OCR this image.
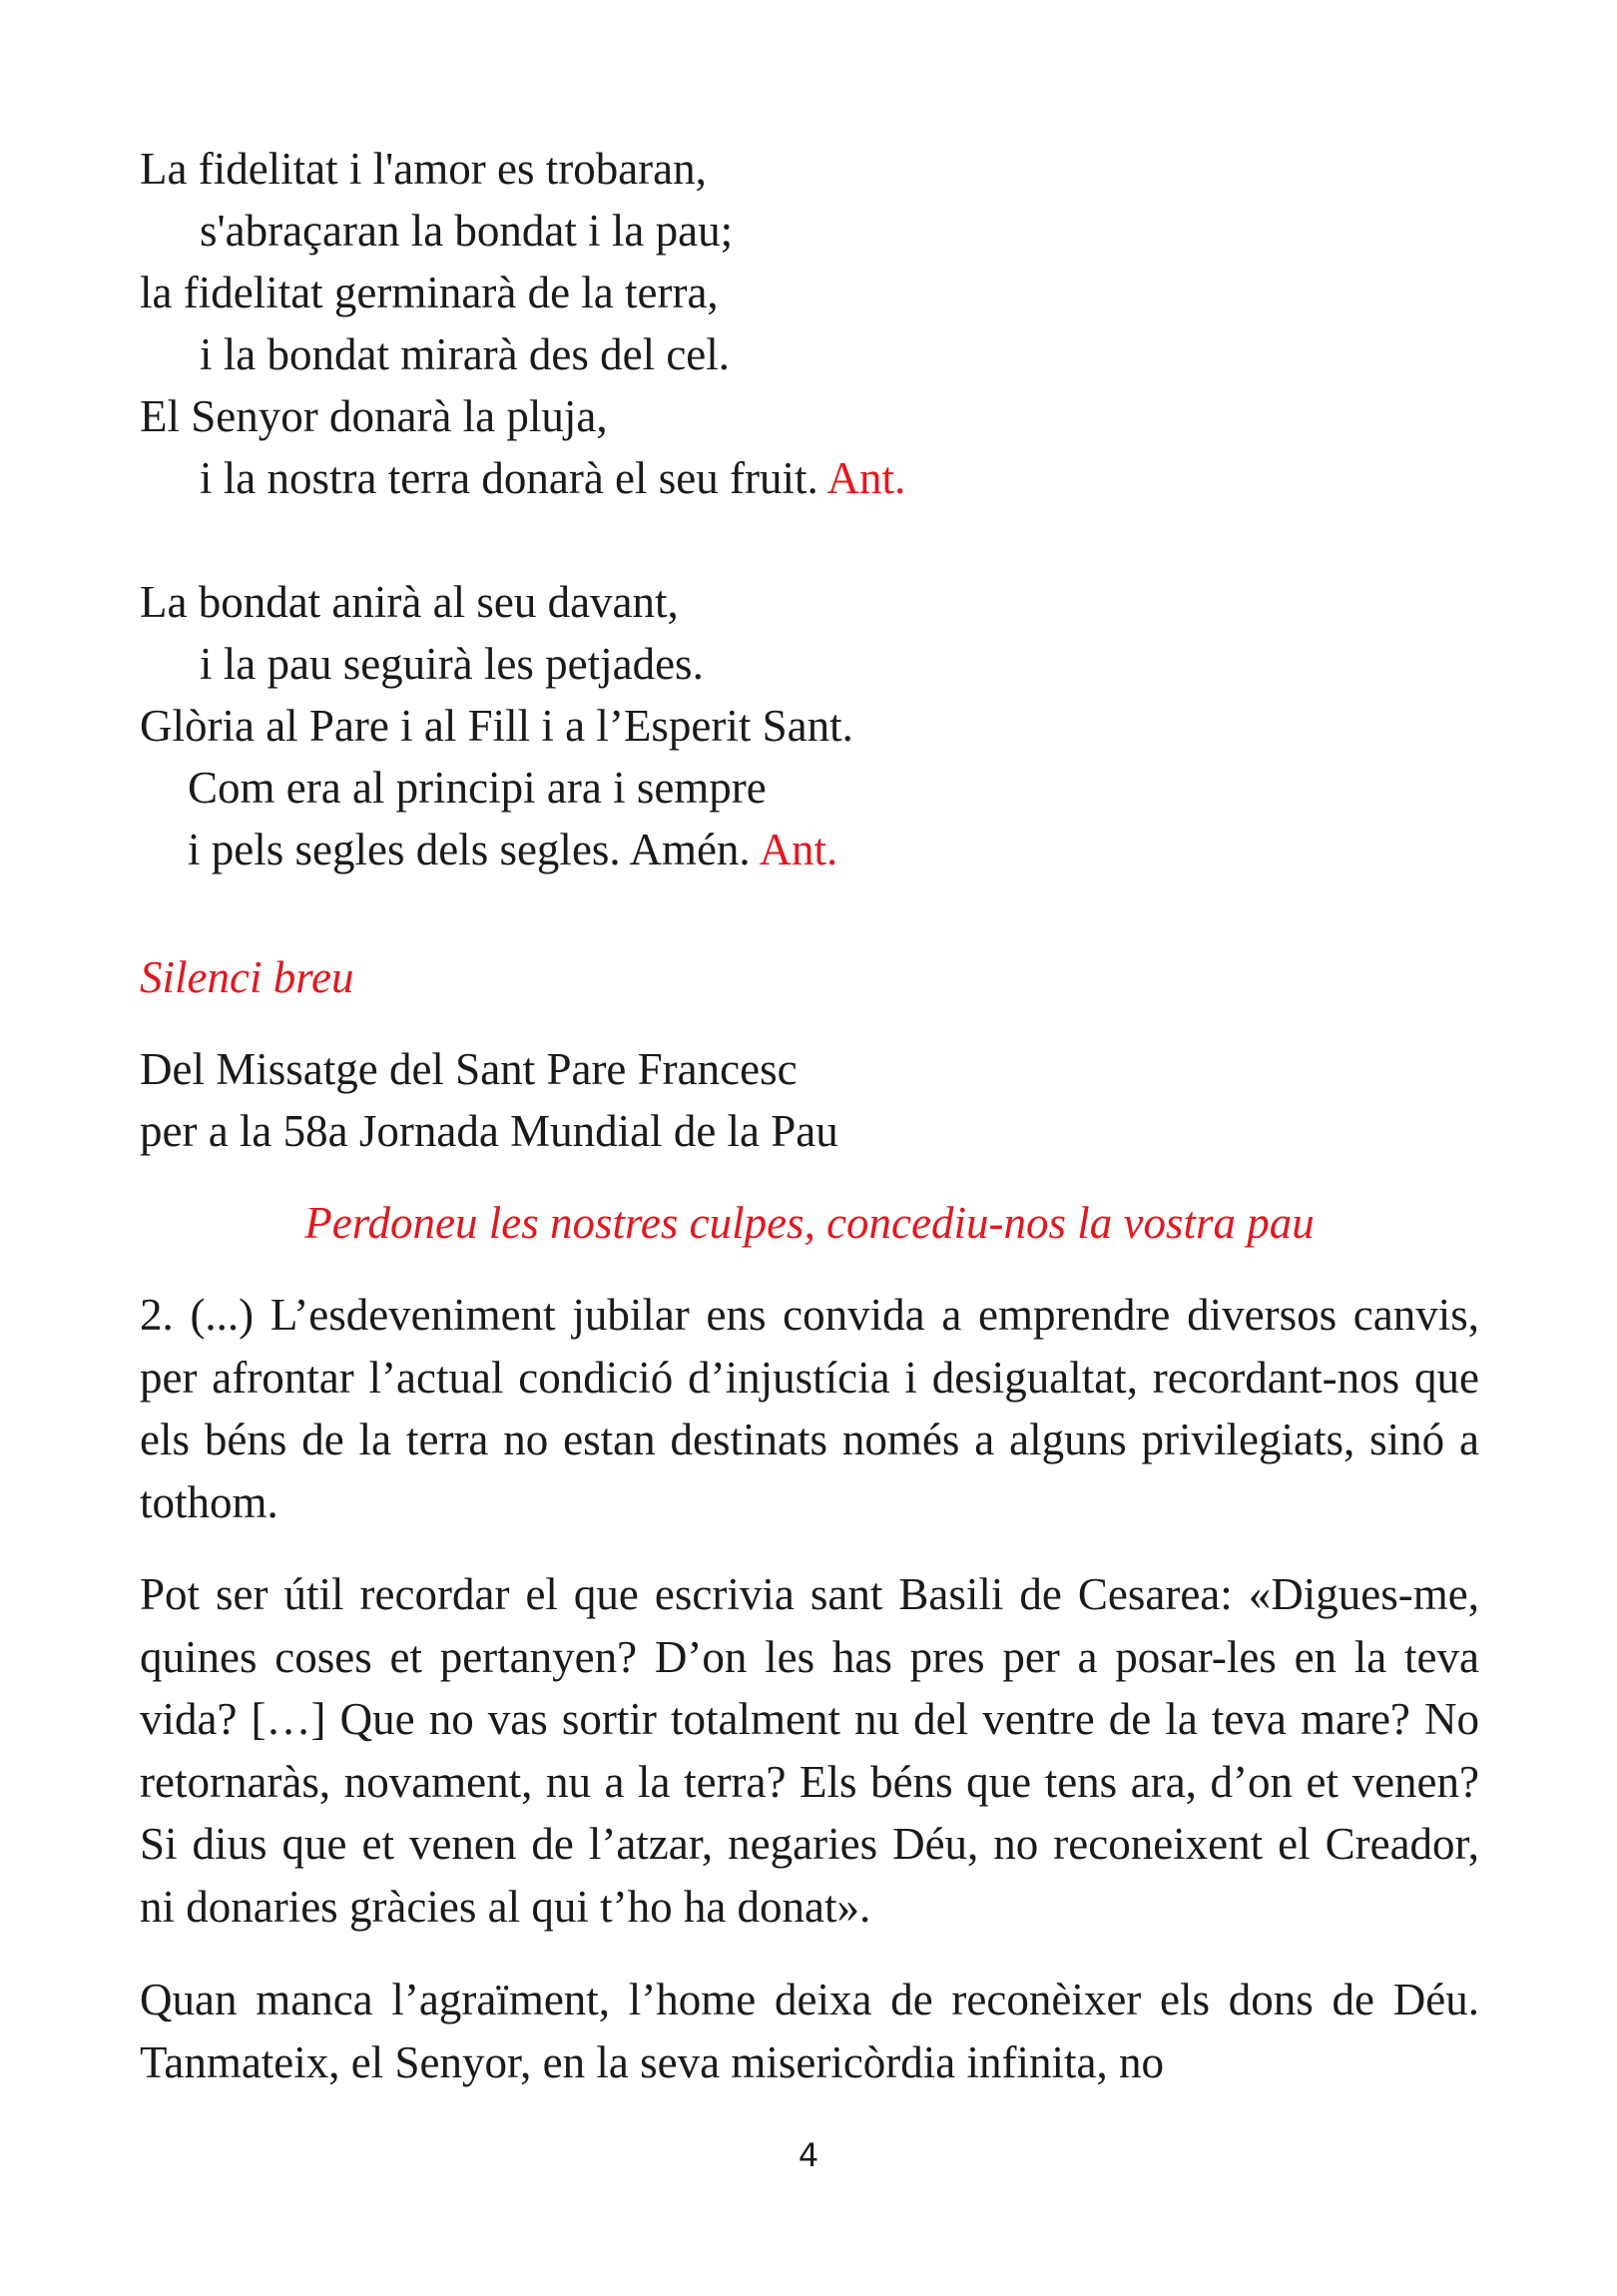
La fidelitat i l'amor es trobaran,
s'abraçaran la bondat i la pau;
la fidelitat germinarà de la terra,
i la bondat mirarà des del cel.
El Senyor donarà la pluja,
i la nostra terra donarà el seu fruit. Ant.
La bondat anirà al seu davant,
i la pau seguirà les petjades.
Glòria al Pare i al Fill i a l’Esperit Sant.
Com era al principi ara i sempre
i pels segles dels segles. Amén. Ant.
Silenci breu
Del Missatge del Sant Pare Francesc
per a la 58a Jornada Mundial de la Pau
Perdoneu les nostres culpes, concediu-nos la vostra pau
2. (...) L’esdeveniment jubilar ens convida a emprendre diversos canvis, per afrontar l’actual condició d’injustícia i desigualtat, recordant-nos que els béns de la terra no estan destinats només a alguns privilegiats, sinó a tothom.
Pot ser útil recordar el que escrivia sant Basili de Cesarea: «Digues-me, quines coses et pertanyen? D’on les has pres per a posar-les en la teva vida? […] Que no vas sortir totalment nu del ventre de la teva mare? No retornaràs, novament, nu a la terra? Els béns que tens ara, d’on et venen? Si dius que et venen de l’atzar, negaries Déu, no reconeixent el Creador, ni donaries gràcies al qui t’ho ha donat».
Quan manca l’agraïment, l’home deixa de reconèixer els dons de Déu. Tanmateix, el Senyor, en la seva misericòrdia infinita, no
4
